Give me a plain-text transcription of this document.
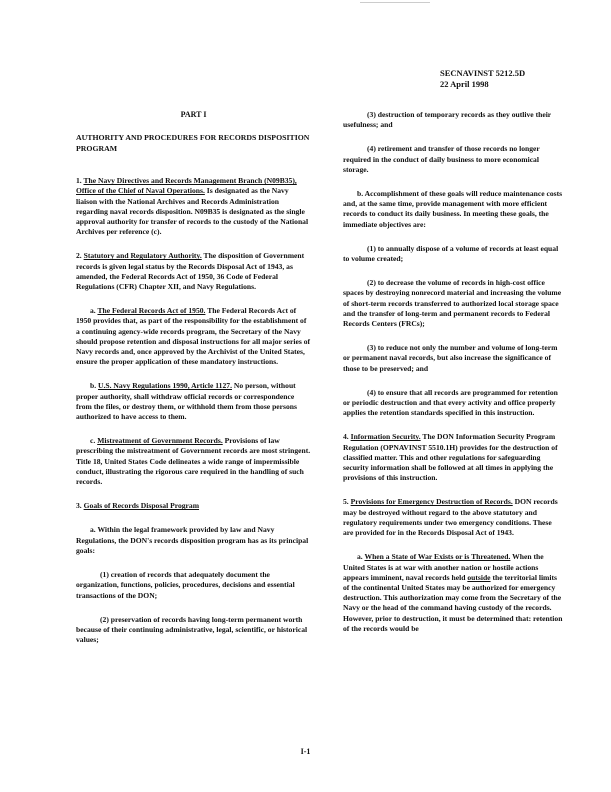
SECNAVINST 5212.5D
22 April 1998
PART I
AUTHORITY AND PROCEDURES FOR RECORDS DISPOSITION PROGRAM

1. The Navy Directives and Records Management Branch (N09B35), Office of the Chief of Naval Operations. Is designated as the Navy liaison with the National Archives and Records Administration regarding naval records disposition. N09B35 is designated as the single approval authority for transfer of records to the custody of the National Archives per reference (c).

2. Statutory and Regulatory Authority. The disposition of Government records is given legal status by the Records Disposal Act of 1943, as amended, the Federal Records Act of 1950, 36 Code of Federal Regulations (CFR) Chapter XII, and Navy Regulations.

a. The Federal Records Act of 1950. The Federal Records Act of 1950 provides that, as part of the responsibility for the establishment of a continuing agency-wide records program, the Secretary of the Navy should propose retention and disposal instructions for all major series of Navy records and, once approved by the Archivist of the United States, ensure the proper application of these mandatory instructions.

b. U.S. Navy Regulations 1990, Article 1127. No person, without proper authority, shall withdraw official records or correspondence from the files, or destroy them, or withhold them from those persons authorized to have access to them.

c. Mistreatment of Government Records. Provisions of law prescribing the mistreatment of Government records are most stringent. Title 18, United States Code delineates a wide range of impermissible conduct, illustrating the rigorous care required in the handling of such records.

3. Goals of Records Disposal Program

a. Within the legal framework provided by law and Navy Regulations, the DON's records disposition program has as its principal goals:

(1) creation of records that adequately document the organization, functions, policies, procedures, decisions and essential transactions of the DON;

(2) preservation of records having long-term permanent worth because of their continuing administrative, legal, scientific, or historical values;

(3) destruction of temporary records as they outlive their usefulness; and

(4) retirement and transfer of those records no longer required in the conduct of daily business to more economical storage.

b. Accomplishment of these goals will reduce maintenance costs and, at the same time, provide management with more efficient records to conduct its daily business. In meeting these goals, the immediate objectives are:

(1) to annually dispose of a volume of records at least equal to volume created;

(2) to decrease the volume of records in high-cost office spaces by destroying nonrecord material and increasing the volume of short-term records transferred to authorized local storage space and the transfer of long-term and permanent records to Federal Records Centers (FRCs);

(3) to reduce not only the number and volume of long-term or permanent naval records, but also increase the significance of those to be preserved; and

(4) to ensure that all records are programmed for retention or periodic destruction and that every activity and office properly applies the retention standards specified in this instruction.

4. Information Security. The DON Information Security Program Regulation (OPNAVINST 5510.1H) provides for the destruction of classified matter. This and other regulations for safeguarding security information shall be followed at all times in applying the provisions of this instruction.

5. Provisions for Emergency Destruction of Records. DON records may be destroyed without regard to the above statutory and regulatory requirements under two emergency conditions. These are provided for in the Records Disposal Act of 1943.

a. When a State of War Exists or is Threatened. When the United States is at war with another nation or hostile actions appears imminent, naval records held outside the territorial limits of the continental United States may be authorized for emergency destruction. This authorization may come from the Secretary of the Navy or the head of the command having custody of the records. However, prior to destruction, it must be determined that: retention of the records would be

I-1
